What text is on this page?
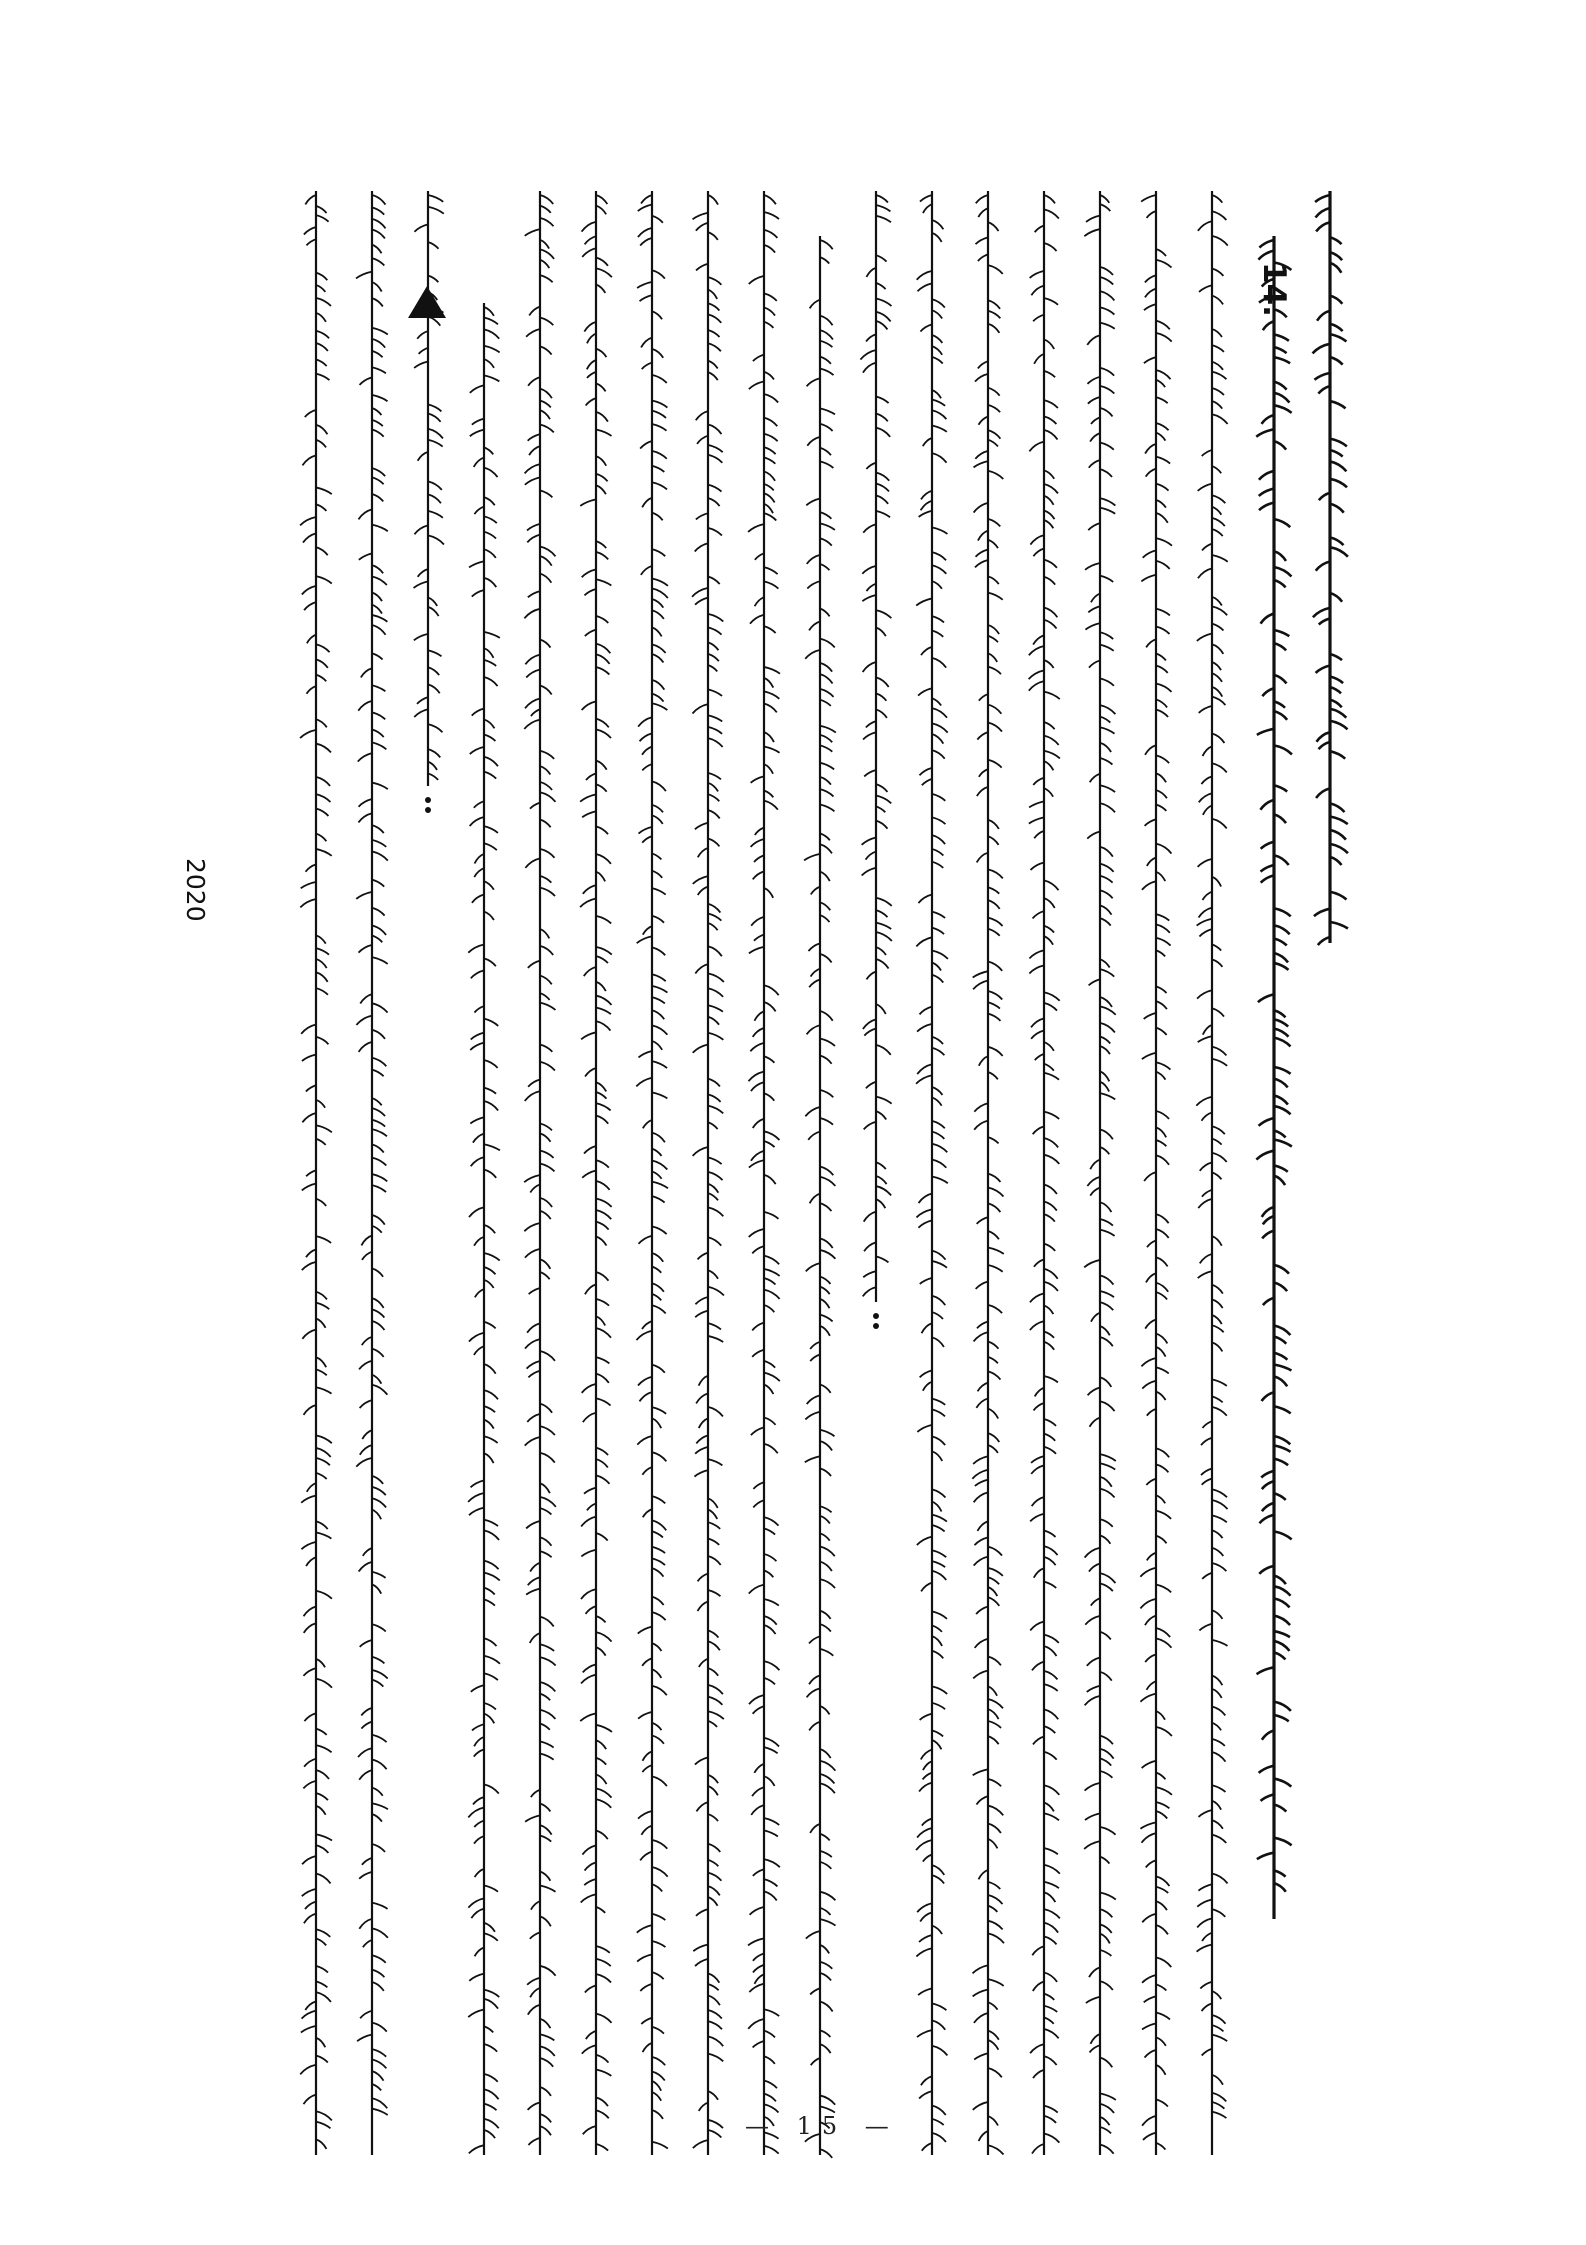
14.
2020
— 15 —
